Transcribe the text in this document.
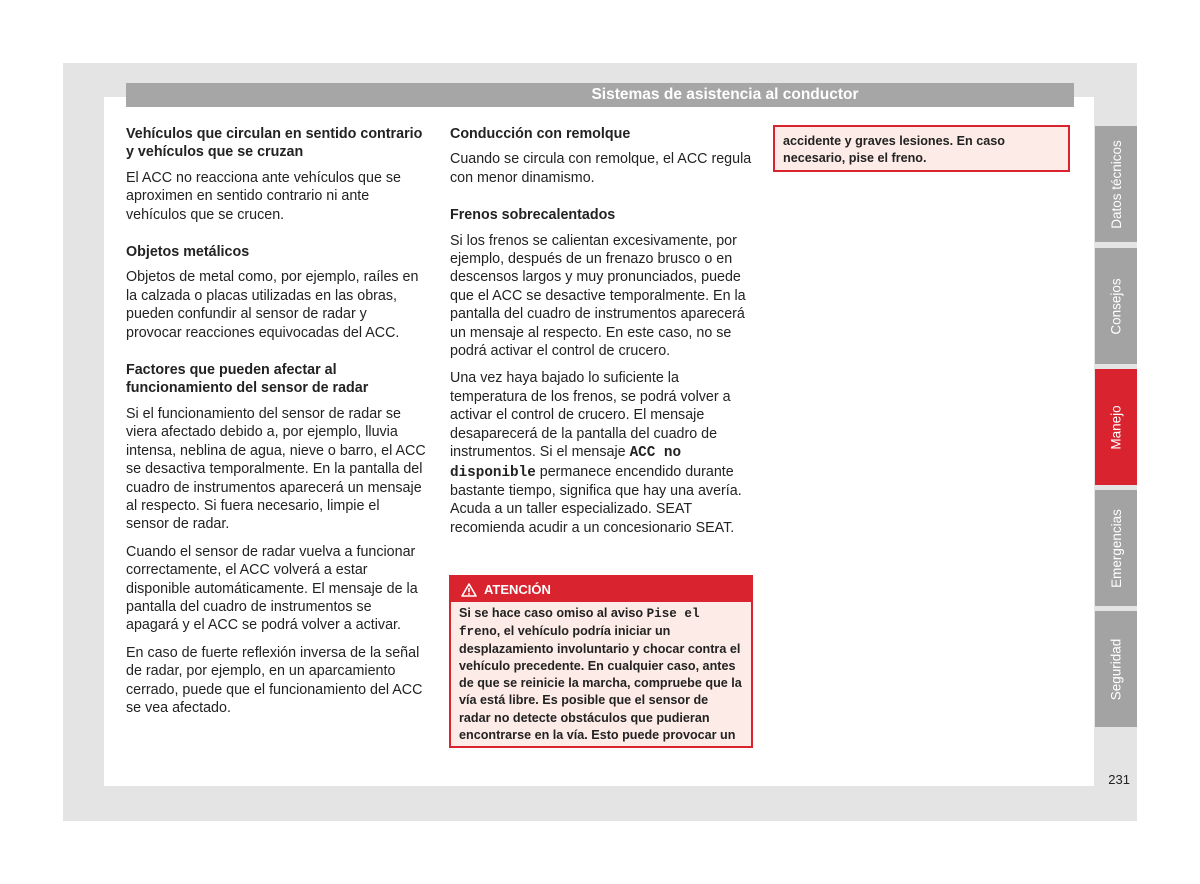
Sistemas de asistencia al conductor
Vehículos que circulan en sentido contrario y vehículos que se cruzan

El ACC no reacciona ante vehículos que se aproximen en sentido contrario ni ante vehículos que se crucen.

Objetos metálicos

Objetos de metal como, por ejemplo, raíles en la calzada o placas utilizadas en las obras, pueden confundir al sensor de radar y provocar reacciones equivocadas del ACC.

Factores que pueden afectar al funcionamiento del sensor de radar

Si el funcionamiento del sensor de radar se viera afectado debido a, por ejemplo, lluvia intensa, neblina de agua, nieve o barro, el ACC se desactiva temporalmente. En la pantalla del cuadro de instrumentos aparecerá un mensaje al respecto. Si fuera necesario, limpie el sensor de radar.

Cuando el sensor de radar vuelva a funcionar correctamente, el ACC volverá a estar disponible automáticamente. El mensaje de la pantalla del cuadro de instrumentos se apagará y el ACC se podrá volver a activar.

En caso de fuerte reflexión inversa de la señal de radar, por ejemplo, en un aparcamiento cerrado, puede que el funcionamiento del ACC se vea afectado.

Conducción con remolque

Cuando se circula con remolque, el ACC regula con menor dinamismo.

Frenos sobrecalentados

Si los frenos se calientan excesivamente, por ejemplo, después de un frenazo brusco o en descensos largos y muy pronunciados, puede que el ACC se desactive temporalmente. En la pantalla del cuadro de instrumentos aparecerá un mensaje al respecto. En este caso, no se podrá activar el control de crucero.

Una vez haya bajado lo suficiente la temperatura de los frenos, se podrá volver a activar el control de crucero. El mensaje desaparecerá de la pantalla del cuadro de instrumentos. Si el mensaje ACC no disponible permanece encendido durante bastante tiempo, significa que hay una avería. Acuda a un taller especializado. SEAT recomienda acudir a un concesionario SEAT.

ATENCIÓN
Si se hace caso omiso al aviso Pise el freno, el vehículo podría iniciar un desplazamiento involuntario y chocar contra el vehículo precedente. En cualquier caso, antes de que se reinicie la marcha, compruebe que la vía está libre. Es posible que el sensor de radar no detecte obstáculos que pudieran encontrarse en la vía. Esto puede provocar un
accidente y graves lesiones. En caso necesario, pise el freno.	Datos técnicos
Consejos
Manejo
Emergencias
Seguridad
231
